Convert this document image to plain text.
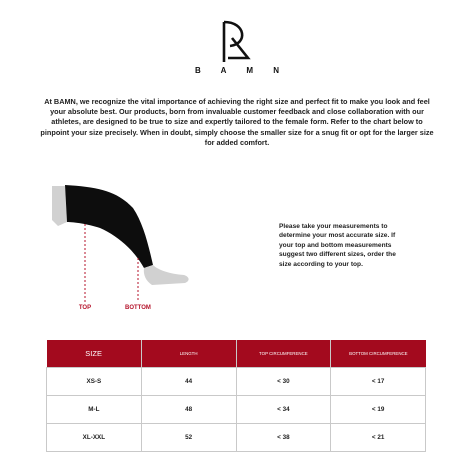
B A M N
At BAMN, we recognize the vital importance of achieving the right size and perfect fit to make you look and feel your absolute best. Our products, born from invaluable customer feedback and close collaboration with our athletes, are designed to be true to size and expertly tailored to the female form. Refer to the chart below to pinpoint your size precisely. When in doubt, simply choose the smaller size for a snug fit or opt for the larger size for added comfort.
TOP	BOTTOM
Please take your measurements to determine your most accurate size. If your top and bottom measurements suggest two different sizes, order the size according to your top.
SIZE	LENGTH	TOP CIRCUMFERENCE	BOTTOM CIRCUMFERENCE
XS-S	44	< 30	< 17
M-L	48	< 34	< 19
XL-XXL	52	< 38	< 21
